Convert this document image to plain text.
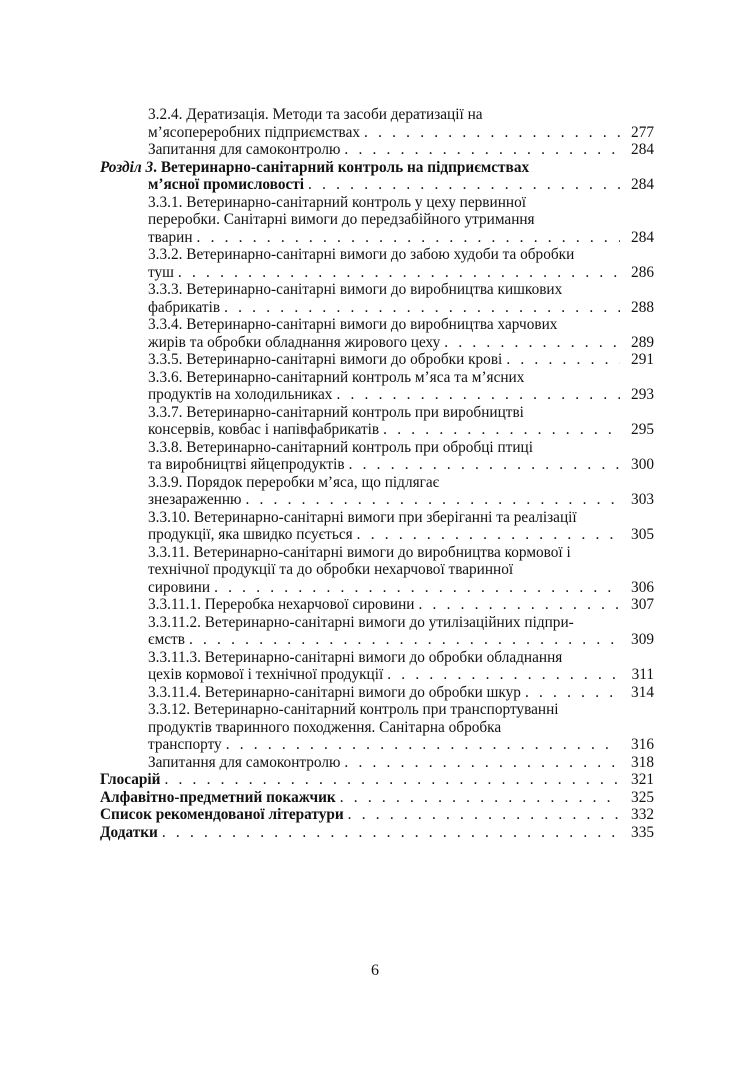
3.2.4. Дератизація. Методи та засоби дератизації на
м’ясопереробних підприємствах . . .	277
Запитання для самоконтролю . . .	284
Розділ 3. Ветеринарно-санітарний контроль на підприємствах
м’ясної промисловості . . .	284
3.3.1. Ветеринарно-санітарний контроль у цеху первинної
переробки. Санітарні вимоги до передзабійного утримання
тварин . . .	284
3.3.2. Ветеринарно-санітарні вимоги до забою худоби та обробки
туш . . .	286
3.3.3. Ветеринарно-санітарні вимоги до виробництва кишкових
фабрикатів . . .	288
3.3.4. Ветеринарно-санітарні вимоги до виробництва харчових
жирів та обробки обладнання жирового цеху . . .	289
3.3.5. Ветеринарно-санітарні вимоги до обробки крові . . .	291
3.3.6. Ветеринарно-санітарний контроль м’яса та м’ясних
продуктів на холодильниках . . .	293
3.3.7. Ветеринарно-санітарний контроль при виробництві
консервів, ковбас і напівфабрикатів . . .	295
3.3.8. Ветеринарно-санітарний контроль при обробці птиці
та виробництві яйцепродуктів . . .	300
3.3.9. Порядок переробки м’яса, що підлягає
знезараженню . . .	303
3.3.10. Ветеринарно-санітарні вимоги при зберіганні та реалізації
продукції, яка швидко псується . . .	305
3.3.11. Ветеринарно-санітарні вимоги до виробництва кормової і
технічної продукції та до обробки нехарчової тваринної
сировини . . .	306
3.3.11.1. Переробка нехарчової сировини . . .	307
3.3.11.2. Ветеринарно-санітарні вимоги до утилізаційних підпри-
ємств . . .	309
3.3.11.3. Ветеринарно-санітарні вимоги до обробки обладнання
цехів кормової і технічної продукції . . .	311
3.3.11.4. Ветеринарно-санітарні вимоги до обробки шкур . . .	314
3.3.12. Ветеринарно-санітарний контроль при транспортуванні
продуктів тваринного походження. Санітарна обробка
транспорту . . .	316
Запитання для самоконтролю . . .	318
Глосарій . . .	321
Алфавітно-предметний покажчик . . .	325
Список рекомендованої літератури . . .	332
Додатки . . .	335
6
